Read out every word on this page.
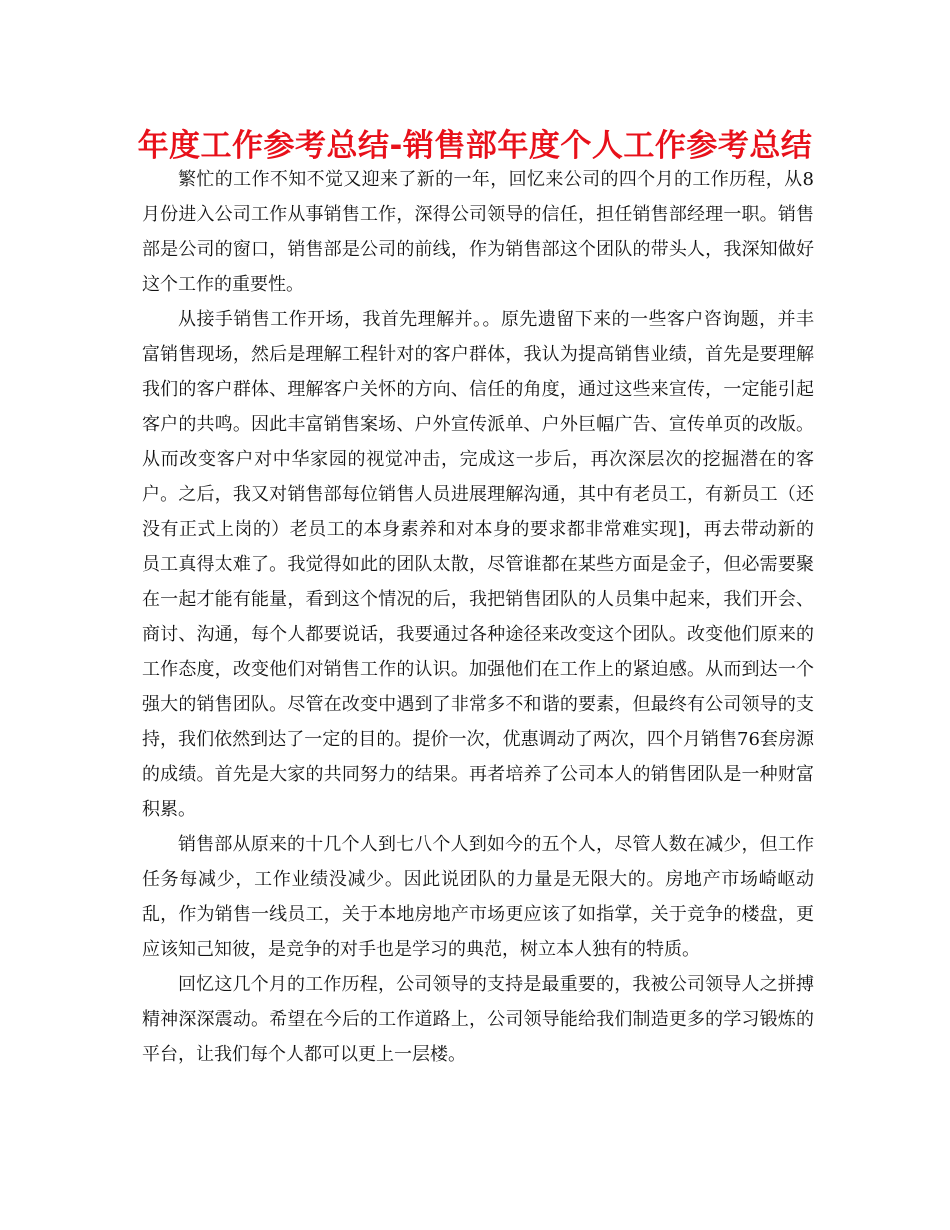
年度工作参考总结-销售部年度个人工作参考总结

繁忙的工作不知不觉又迎来了新的一年，回忆来公司的四个月的工作历程，从8月份进入公司工作从事销售工作，深得公司领导的信任，担任销售部经理一职。销售部是公司的窗口，销售部是公司的前线，作为销售部这个团队的带头人，我深知做好这个工作的重要性。

从接手销售工作开场，我首先理解并。。原先遗留下来的一些客户咨询题，并丰富销售现场，然后是理解工程针对的客户群体，我认为提高销售业绩，首先是要理解我们的客户群体、理解客户关怀的方向、信任的角度，通过这些来宣传，一定能引起客户的共鸣。因此丰富销售案场、户外宣传派单、户外巨幅广告、宣传单页的改版。从而改变客户对中华家园的视觉冲击，完成这一步后，再次深层次的挖掘潜在的客户。之后，我又对销售部每位销售人员进展理解沟通，其中有老员工，有新员工（还没有正式上岗的）老员工的本身素养和对本身的要求都非常难实现]，再去带动新的员工真得太难了。我觉得如此的团队太散，尽管谁都在某些方面是金子，但必需要聚在一起才能有能量，看到这个情况的后，我把销售团队的人员集中起来，我们开会、商讨、沟通，每个人都要说话，我要通过各种途径来改变这个团队。改变他们原来的工作态度，改变他们对销售工作的认识。加强他们在工作上的紧迫感。从而到达一个强大的销售团队。尽管在改变中遇到了非常多不和谐的要素，但最终有公司领导的支持，我们依然到达了一定的目的。提价一次，优惠调动了两次，四个月销售76套房源的成绩。首先是大家的共同努力的结果。再者培养了公司本人的销售团队是一种财富积累。

销售部从原来的十几个人到七八个人到如今的五个人，尽管人数在减少，但工作任务每减少，工作业绩没减少。因此说团队的力量是无限大的。房地产市场崎岖动乱，作为销售一线员工，关于本地房地产市场更应该了如指掌，关于竞争的楼盘，更应该知己知彼，是竞争的对手也是学习的典范，树立本人独有的特质。

回忆这几个月的工作历程，公司领导的支持是最重要的，我被公司领导人之拼搏精神深深震动。希望在今后的工作道路上，公司领导能给我们制造更多的学习锻炼的平台，让我们每个人都可以更上一层楼。
